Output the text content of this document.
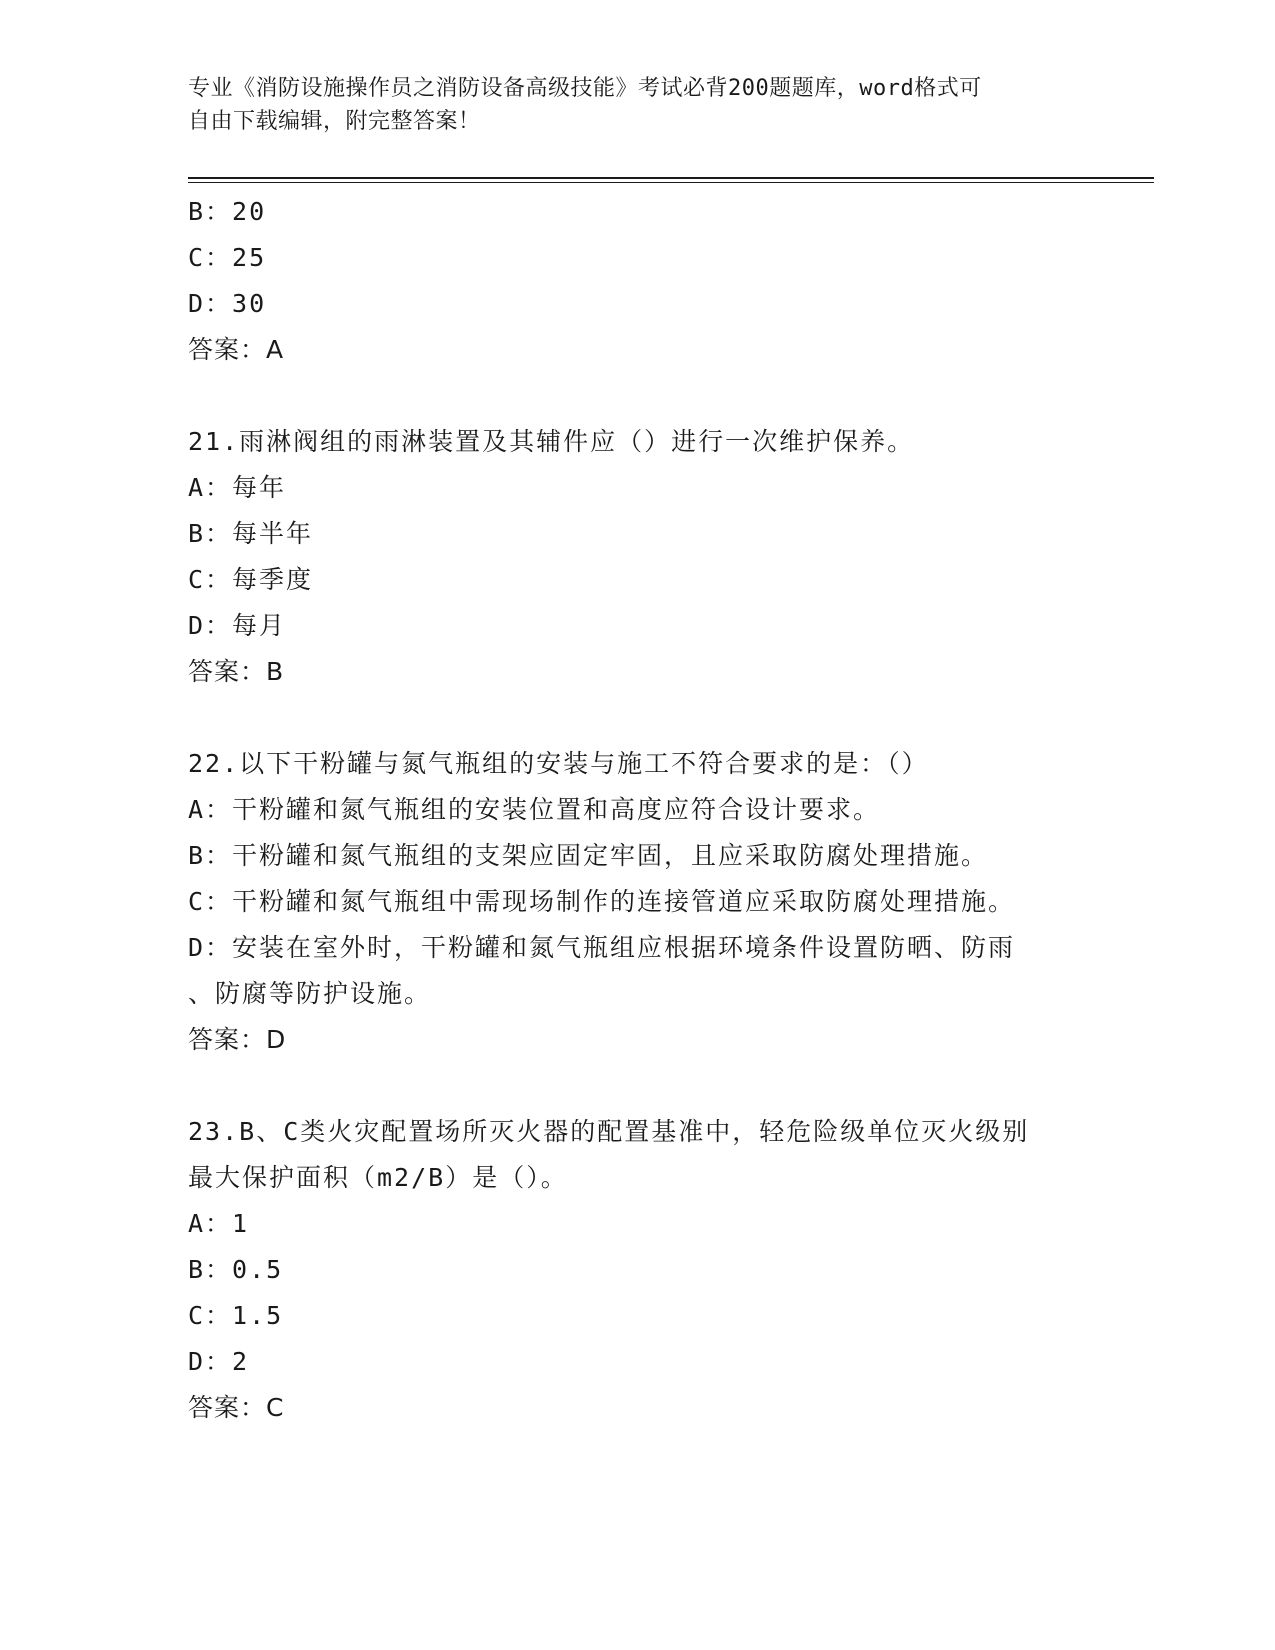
专业《消防设施操作员之消防设备高级技能》考试必背200题题库，word格式可
自由下载编辑，附完整答案！
B：20
C：25
D：30
答案：A
21.雨淋阀组的雨淋装置及其辅件应（）进行一次维护保养。
A：每年
B：每半年
C：每季度
D：每月
答案：B
22.以下干粉罐与氮气瓶组的安装与施工不符合要求的是：（）
A：干粉罐和氮气瓶组的安装位置和高度应符合设计要求。
B：干粉罐和氮气瓶组的支架应固定牢固，且应采取防腐处理措施。
C：干粉罐和氮气瓶组中需现场制作的连接管道应采取防腐处理措施。
D：安装在室外时，干粉罐和氮气瓶组应根据环境条件设置防晒、防雨
、防腐等防护设施。
答案：D
23.B、C类火灾配置场所灭火器的配置基准中，轻危险级单位灭火级别
最大保护面积（m2/B）是（）。
A：1
B：0.5
C：1.5
D：2
答案：C
